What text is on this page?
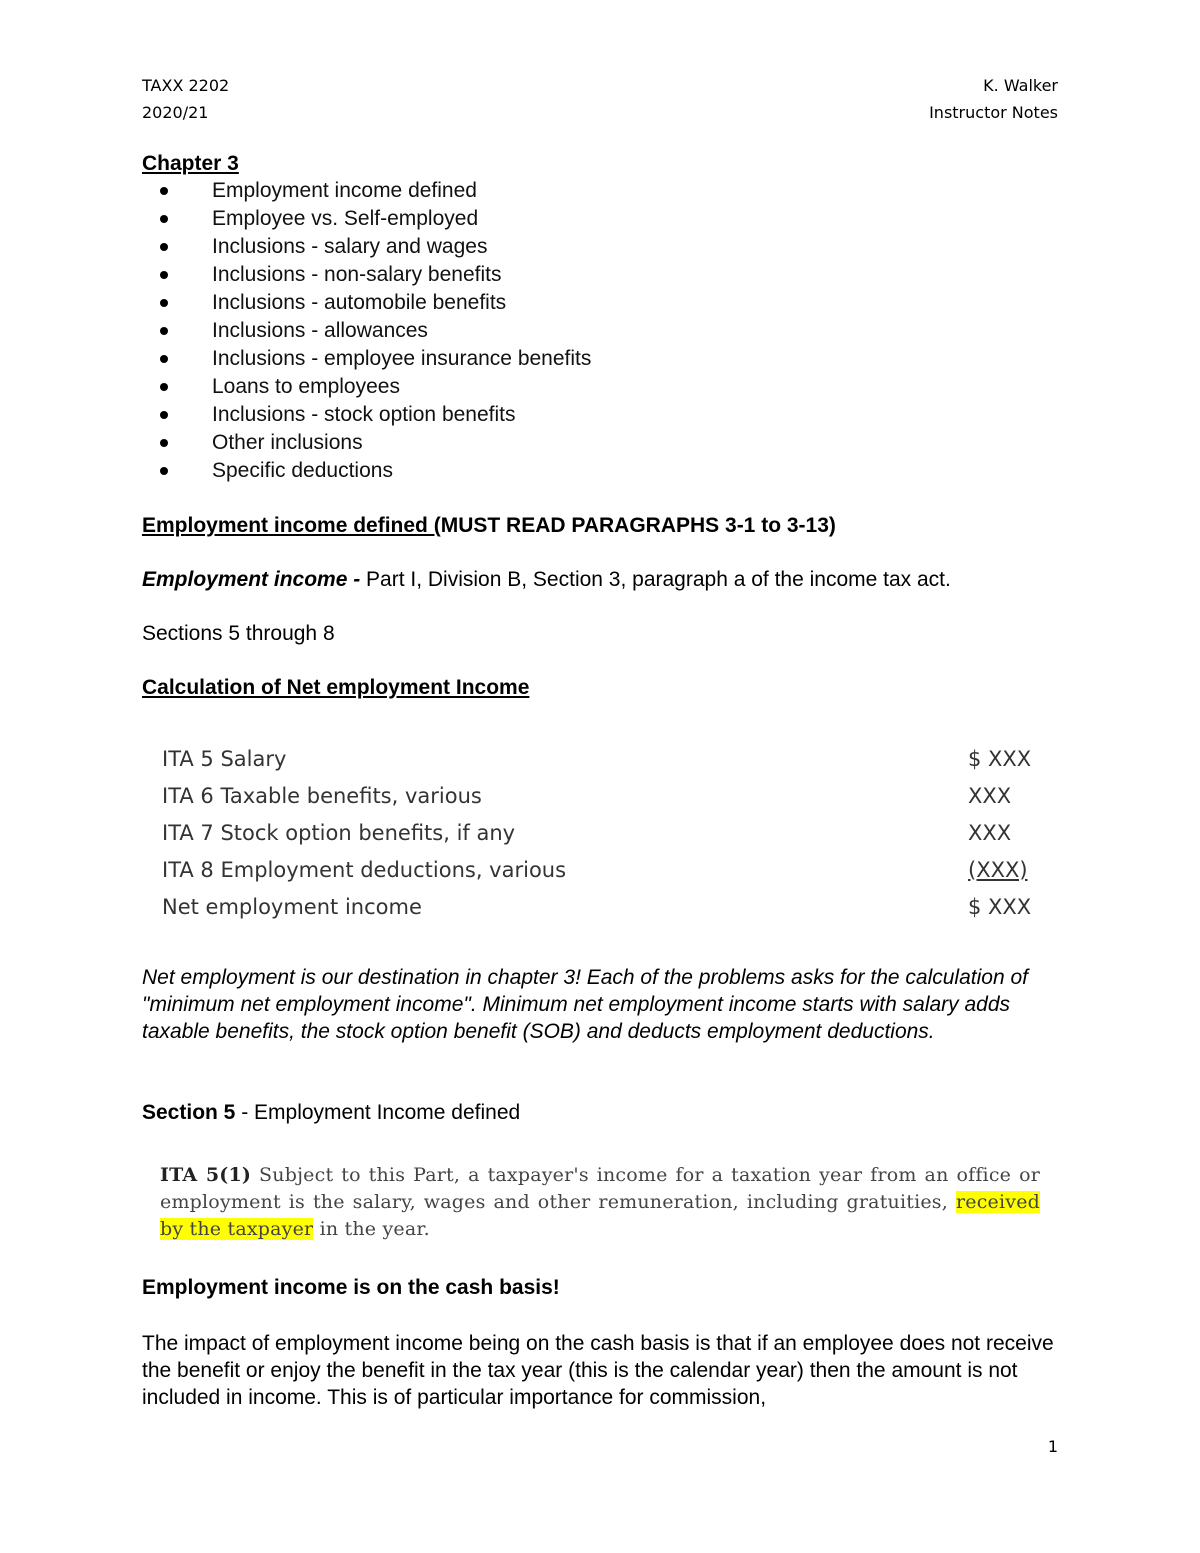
TAXX 2202
2020/21
K. Walker
Instructor Notes
Chapter 3
Employment income defined
Employee vs. Self-employed
Inclusions - salary and wages
Inclusions - non-salary benefits
Inclusions - automobile benefits
Inclusions - allowances
Inclusions - employee insurance benefits
Loans to employees
Inclusions - stock option benefits
Other inclusions
Specific deductions
Employment income defined (MUST READ PARAGRAPHS 3-1 to 3-13)
Employment income - Part I, Division B, Section 3, paragraph a of the income tax act.
Sections 5 through 8
Calculation of Net employment Income
ITA 5 Salary	$ XXX
ITA 6 Taxable benefits, various	XXX
ITA 7 Stock option benefits, if any	XXX
ITA 8 Employment deductions, various	(XXX)
Net employment income	$ XXX
Net employment is our destination in chapter 3! Each of the problems asks for the calculation of "minimum net employment income". Minimum net employment income starts with salary adds taxable benefits, the stock option benefit (SOB) and deducts employment deductions.
Section 5 - Employment Income defined
ITA 5(1) Subject to this Part, a taxpayer's income for a taxation year from an office or employment is the salary, wages and other remuneration, including gratuities, received by the taxpayer in the year.
Employment income is on the cash basis!
The impact of employment income being on the cash basis is that if an employee does not receive the benefit or enjoy the benefit in the tax year (this is the calendar year) then the amount is not included in income. This is of particular importance for commission,
1
